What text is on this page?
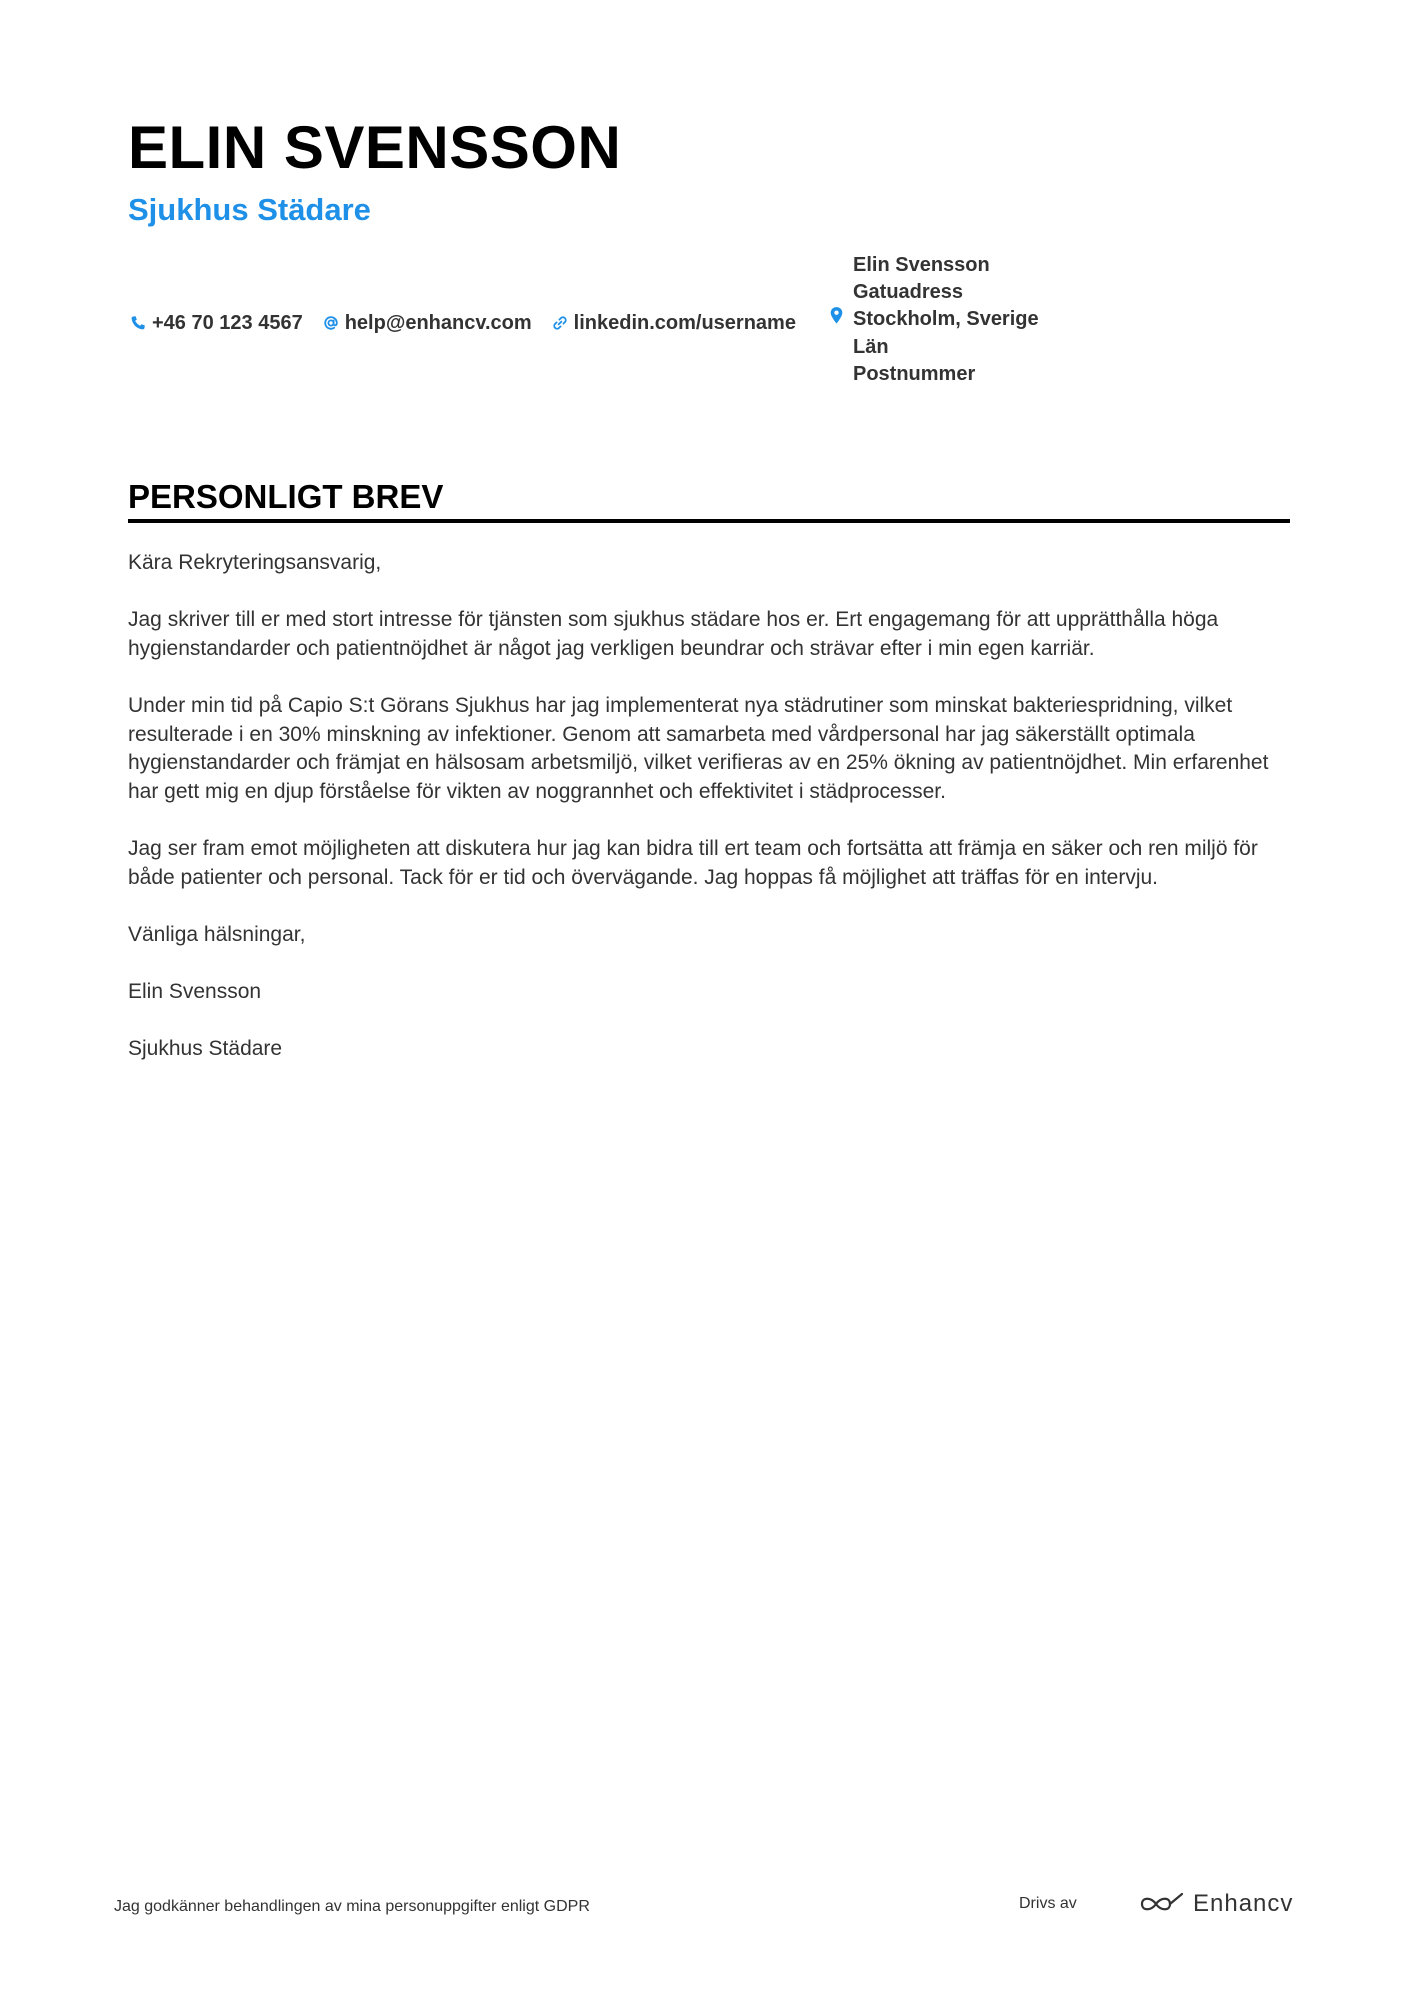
ELIN SVENSSON
Sjukhus Städare
+46 70 123 4567 help@enhancv.com linkedin.com/username
Elin Svensson
Gatuadress
Stockholm, Sverige
Län
Postnummer
PERSONLIGT BREV

Kära Rekryteringsansvarig,

Jag skriver till er med stort intresse för tjänsten som sjukhus städare hos er. Ert engagemang för att upprätthålla höga hygienstandarder och patientnöjdhet är något jag verkligen beundrar och strävar efter i min egen karriär.

Under min tid på Capio S:t Görans Sjukhus har jag implementerat nya städrutiner som minskat bakteriespridning, vilket resulterade i en 30% minskning av infektioner. Genom att samarbeta med vårdpersonal har jag säkerställt optimala hygienstandarder och främjat en hälsosam arbetsmiljö, vilket verifieras av en 25% ökning av patientnöjdhet. Min erfarenhet har gett mig en djup förståelse för vikten av noggrannhet och effektivitet i städprocesser.

Jag ser fram emot möjligheten att diskutera hur jag kan bidra till ert team och fortsätta att främja en säker och ren miljö för både patienter och personal. Tack för er tid och övervägande. Jag hoppas få möjlighet att träffas för en intervju.

Vänliga hälsningar,

Elin Svensson

Sjukhus Städare

Jag godkänner behandlingen av mina personuppgifter enligt GDPR	Drivs av	Enhancv
